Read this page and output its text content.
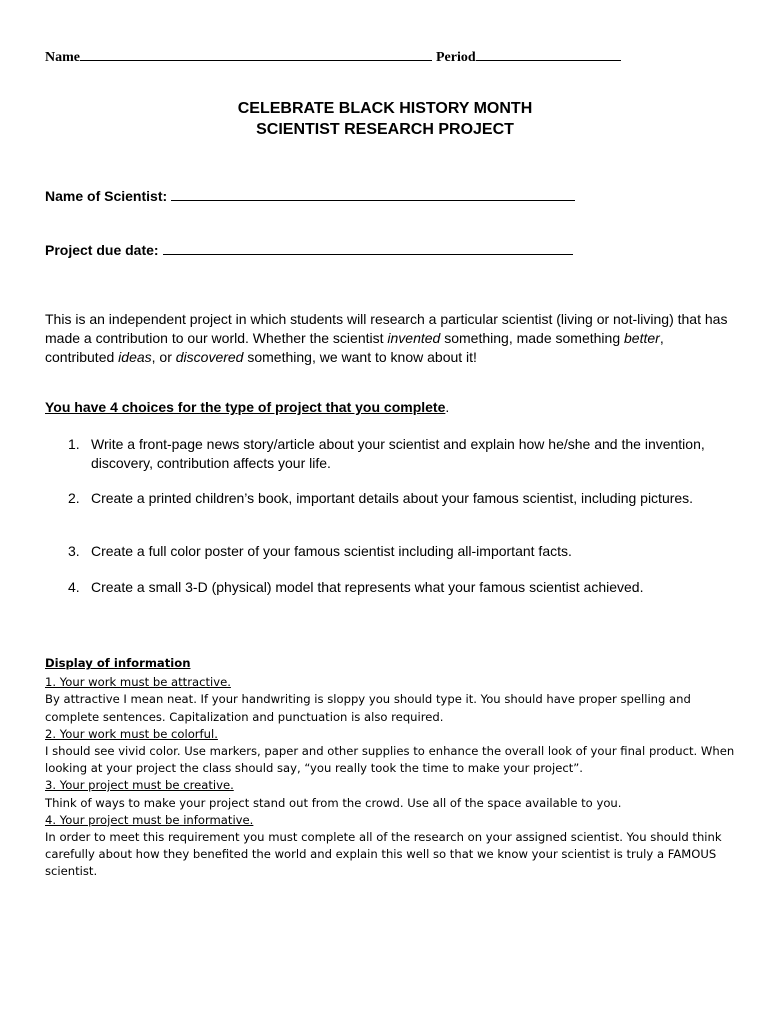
Name	Period
CELEBRATE BLACK HISTORY MONTH
SCIENTIST RESEARCH PROJECT
Name of Scientist:
Project due date:
This is an independent project in which students will research a particular scientist (living or not-living) that has made a contribution to our world. Whether the scientist invented something, made something better, contributed ideas, or discovered something, we want to know about it!
You have 4 choices for the type of project that you complete.
1. Write a front-page news story/article about your scientist and explain how he/she and the invention, discovery, contribution affects your life.
2. Create a printed children’s book, important details about your famous scientist, including pictures.
3. Create a full color poster of your famous scientist including all-important facts.
4. Create a small 3-D (physical) model that represents what your famous scientist achieved.
Display of information
1. Your work must be attractive.
By attractive I mean neat. If your handwriting is sloppy you should type it. You should have proper spelling and complete sentences. Capitalization and punctuation is also required.
2. Your work must be colorful.
I should see vivid color. Use markers, paper and other supplies to enhance the overall look of your final product. When looking at your project the class should say, “you really took the time to make your project”.
3. Your project must be creative.
Think of ways to make your project stand out from the crowd. Use all of the space available to you.
4. Your project must be informative.
In order to meet this requirement you must complete all of the research on your assigned scientist. You should think carefully about how they benefited the world and explain this well so that we know your scientist is truly a FAMOUS scientist.
